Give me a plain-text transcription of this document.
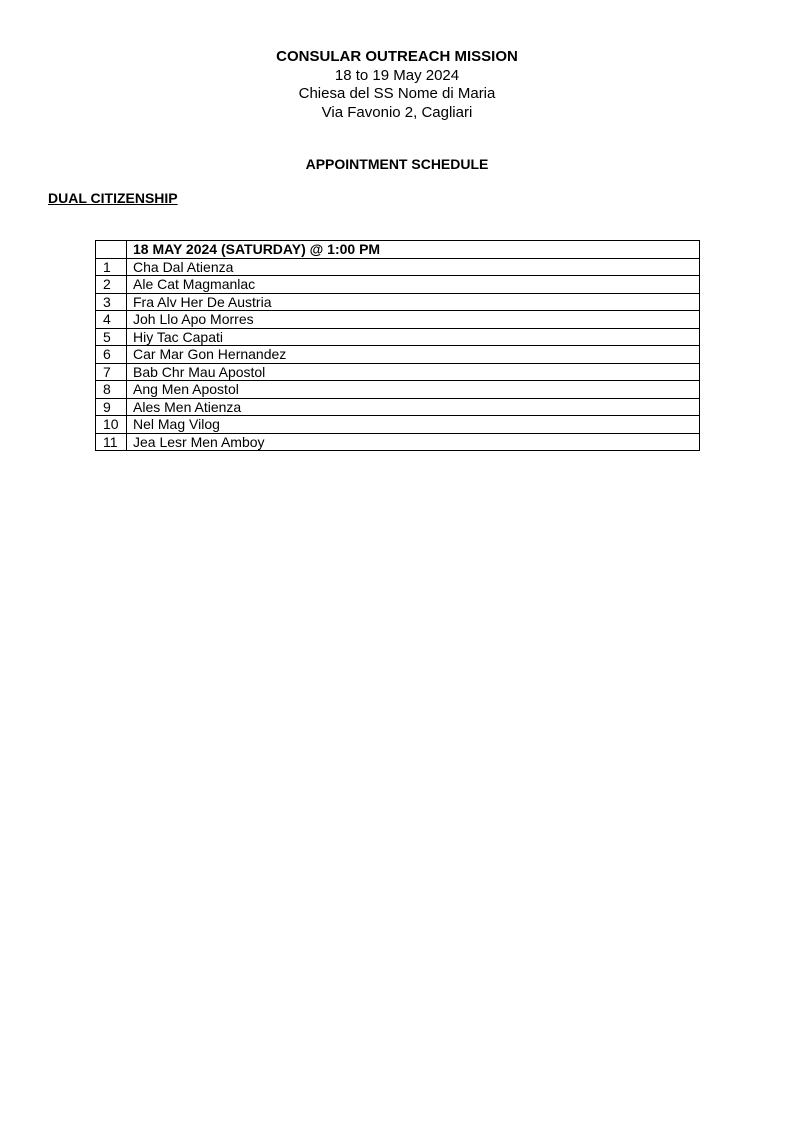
CONSULAR OUTREACH MISSION
18 to 19 May 2024
Chiesa del SS Nome di Maria
Via Favonio 2, Cagliari
APPOINTMENT SCHEDULE
DUAL CITIZENSHIP
	18 MAY 2024 (SATURDAY) @ 1:00 PM
1	Cha Dal Atienza
2	Ale Cat Magmanlac
3	Fra Alv Her De Austria
4	Joh Llo Apo Morres
5	Hiy Tac Capati
6	Car Mar Gon Hernandez
7	Bab Chr Mau Apostol
8	Ang Men Apostol
9	Ales Men Atienza
10	Nel Mag Vilog
11	Jea Lesr Men Amboy
